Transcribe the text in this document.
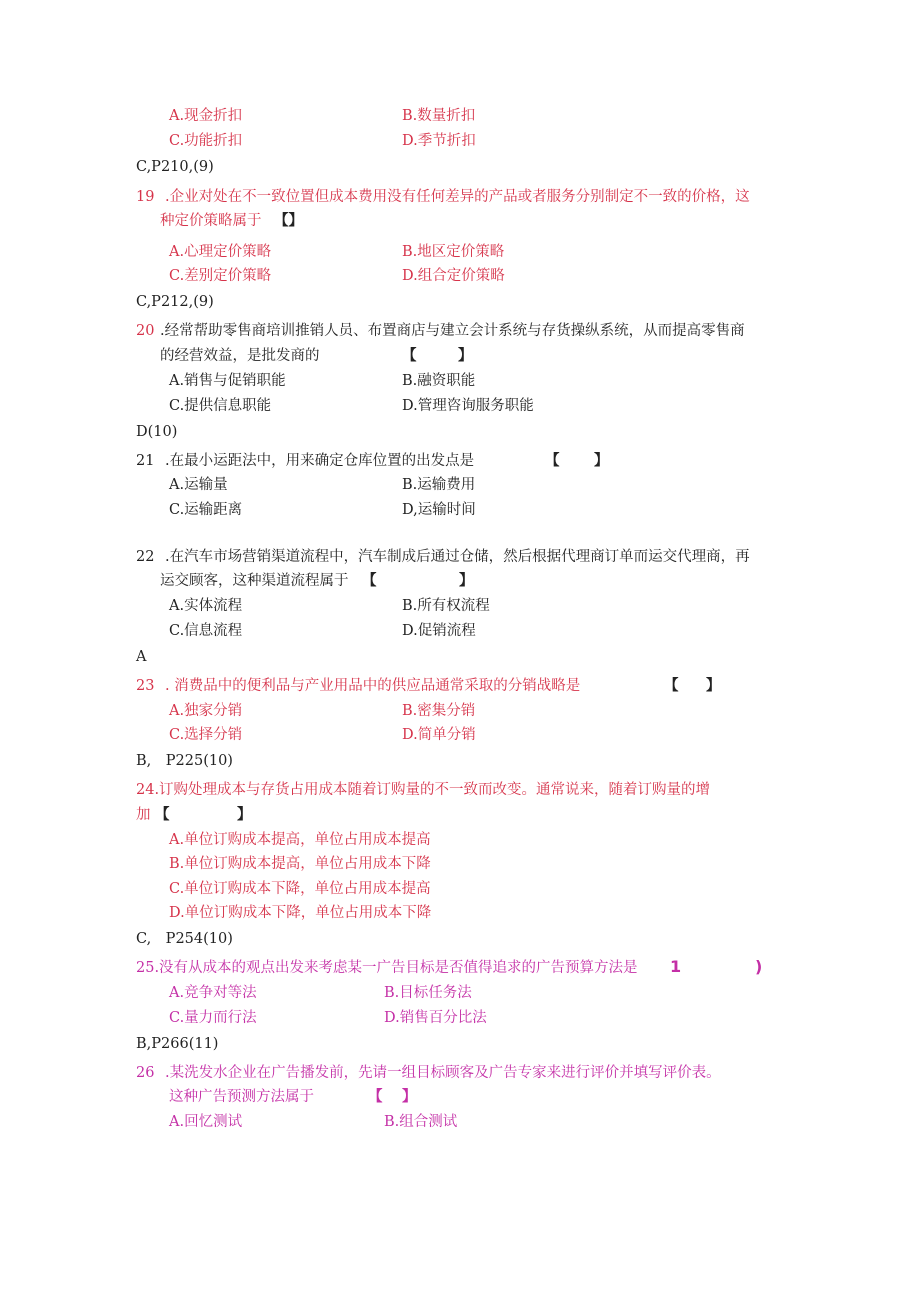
A.现金折扣	B.数量折扣
C.功能折扣	D.季节折扣
C,P210,(9)
19 .企业对处在不一致位置但成本费用没有任何差异的产品或者服务分别制定不一致的价格，这
种定价策略属于 【】
A.心理定价策略	B.地区定价策略
C.差别定价策略	D.组合定价策略
C,P212,(9)
20 .经常帮助零售商培训推销人员、布置商店与建立会计系统与存货操纵系统，从而提高零售商
的经营效益，是批发商的	【	】
A.销售与促销职能	B.融资职能
C.提供信息职能	D.管理咨询服务职能
D(10)
21 .在最小运距法中，用来确定仓库位置的出发点是	【 】
A.运输量	B.运输费用
C.运输距离	D,运输时间
22 .在汽车市场营销渠道流程中，汽车制成后通过仓储，然后根据代理商订单而运交代理商，再
运交顾客，这种渠道流程属于 【	】
A.实体流程	B.所有权流程
C.信息流程	D.促销流程
A
23 . 消费品中的便利品与产业用品中的供应品通常采取的分销战略是	【 】
A.独家分销	B.密集分销
C.选择分销	D.简单分销
B,　P225(10)
24.订购处理成本与存货占用成本随着订购量的不一致而改变。通常说来，随着订购量的增
加 【	】
A.单位订购成本提高，单位占用成本提高
B.单位订购成本提高，单位占用成本下降
C.单位订购成本下降，单位占用成本提高
D.单位订购成本下降，单位占用成本下降
C,　P254(10)
25.没有从成本的观点出发来考虑某一广告目标是否值得追求的广告预算方法是 1	)
A.竞争对等法	B.目标任务法
C.量力而行法	D.销售百分比法
B,P266(11)
26 .某洗发水企业在广告播发前，先请一组目标顾客及广告专家来进行评价并填写评价表。
这种广告预测方法属于	【 】
A.回忆测试	B.组合测试
